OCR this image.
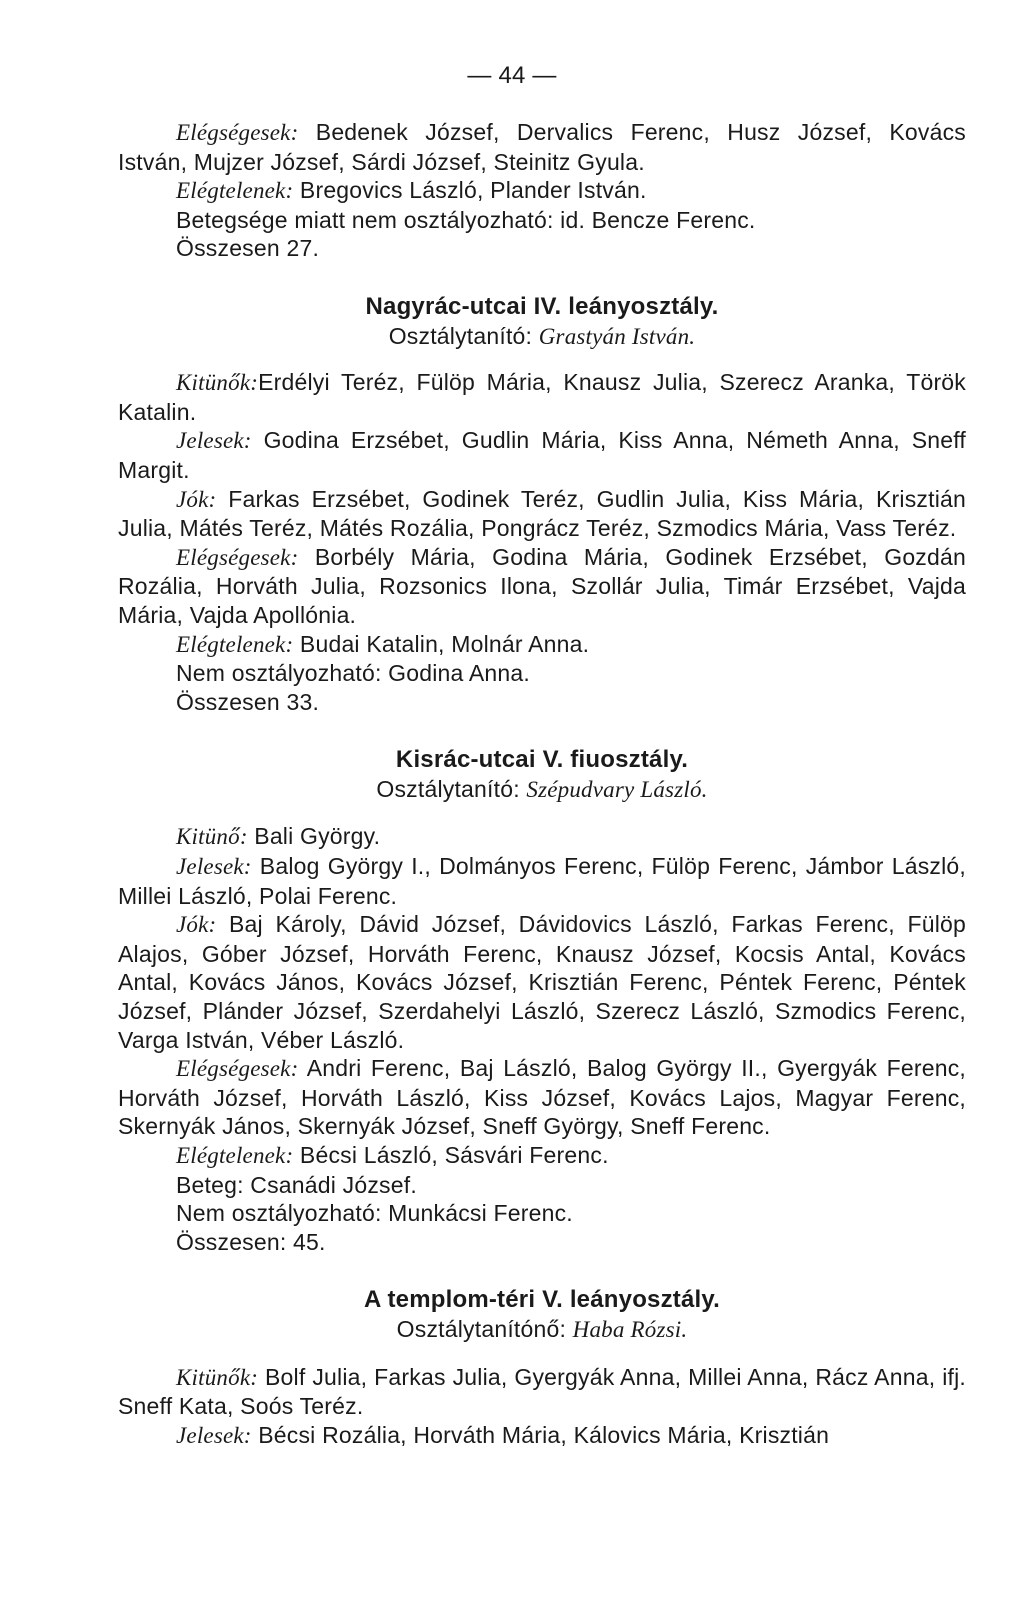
— 44 —

Elégségesek: Bedenek József, Dervalics Ferenc, Husz József, Kovács István, Mujzer József, Sárdi József, Steinitz Gyula.

Elégtelenek: Bregovics László, Plander István.

Betegsége miatt nem osztályozható: id. Bencze Ferenc.

Összesen 27.

Nagyrác-utcai IV. leányosztály.

Osztálytanító: Grastyán István.

Kitünők:Erdélyi Teréz, Fülöp Mária, Knausz Julia, Szerecz Aranka, Török Katalin.

Jelesek: Godina Erzsébet, Gudlin Mária, Kiss Anna, Németh Anna, Sneff Margit.

Jók: Farkas Erzsébet, Godinek Teréz, Gudlin Julia, Kiss Mária, Krisztián Julia, Mátés Teréz, Mátés Rozália, Pongrácz Teréz, Szmodics Mária, Vass Teréz.

Elégségesek: Borbély Mária, Godina Mária, Godinek Erzsébet, Gozdán Rozália, Horváth Julia, Rozsonics Ilona, Szollár Julia, Timár Erzsébet, Vajda Mária, Vajda Apollónia.

Elégtelenek: Budai Katalin, Molnár Anna.

Nem osztályozható: Godina Anna.

Összesen 33.

Kisrác-utcai V. fiuosztály.

Osztálytanító: Szépudvary László.

Kitünő: Bali György.

Jelesek: Balog György I., Dolmányos Ferenc, Fülöp Ferenc, Jámbor László, Millei László, Polai Ferenc.

Jók: Baj Károly, Dávid József, Dávidovics László, Farkas Ferenc, Fülöp Alajos, Góber József, Horváth Ferenc, Knausz József, Kocsis Antal, Kovács Antal, Kovács János, Kovács József, Krisztián Ferenc, Péntek Ferenc, Péntek József, Plánder József, Szerdahelyi László, Szerecz László, Szmodics Ferenc, Varga István, Véber László.

Elégségesek: Andri Ferenc, Baj László, Balog György II., Gyergyák Ferenc, Horváth József, Horváth László, Kiss József, Kovács Lajos, Magyar Ferenc, Skernyák János, Skernyák József, Sneff György, Sneff Ferenc.

Elégtelenek: Bécsi László, Sásvári Ferenc.

Beteg: Csanádi József.

Nem osztályozható: Munkácsi Ferenc.

Összesen: 45.

A templom-téri V. leányosztály.

Osztálytanítónő: Haba Rózsi.

Kitünők: Bolf Julia, Farkas Julia, Gyergyák Anna, Millei Anna, Rácz Anna, ifj. Sneff Kata, Soós Teréz.

Jelesek: Bécsi Rozália, Horváth Mária, Kálovics Mária, Krisztián
